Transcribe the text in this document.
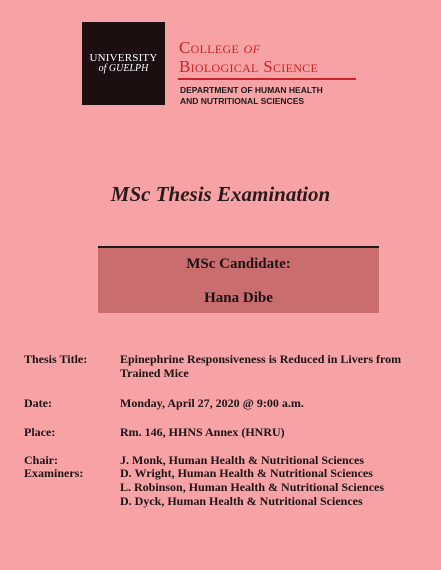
UNIVERSITY
of GUELPH
College of
Biological Science
DEPARTMENT OF HUMAN HEALTH
AND NUTRITIONAL SCIENCES
MSc Thesis Examination
MSc Candidate:
Hana Dibe
Thesis Title:	Epinephrine Responsiveness is Reduced in Livers from Trained Mice
Date:	Monday, April 27, 2020 @ 9:00 a.m.
Place:	Rm. 146, HHNS Annex (HNRU)
Chair:	J. Monk, Human Health & Nutritional Sciences
Examiners:	D. Wright, Human Health & Nutritional Sciences
L. Robinson, Human Health & Nutritional Sciences
D. Dyck, Human Health & Nutritional Sciences
